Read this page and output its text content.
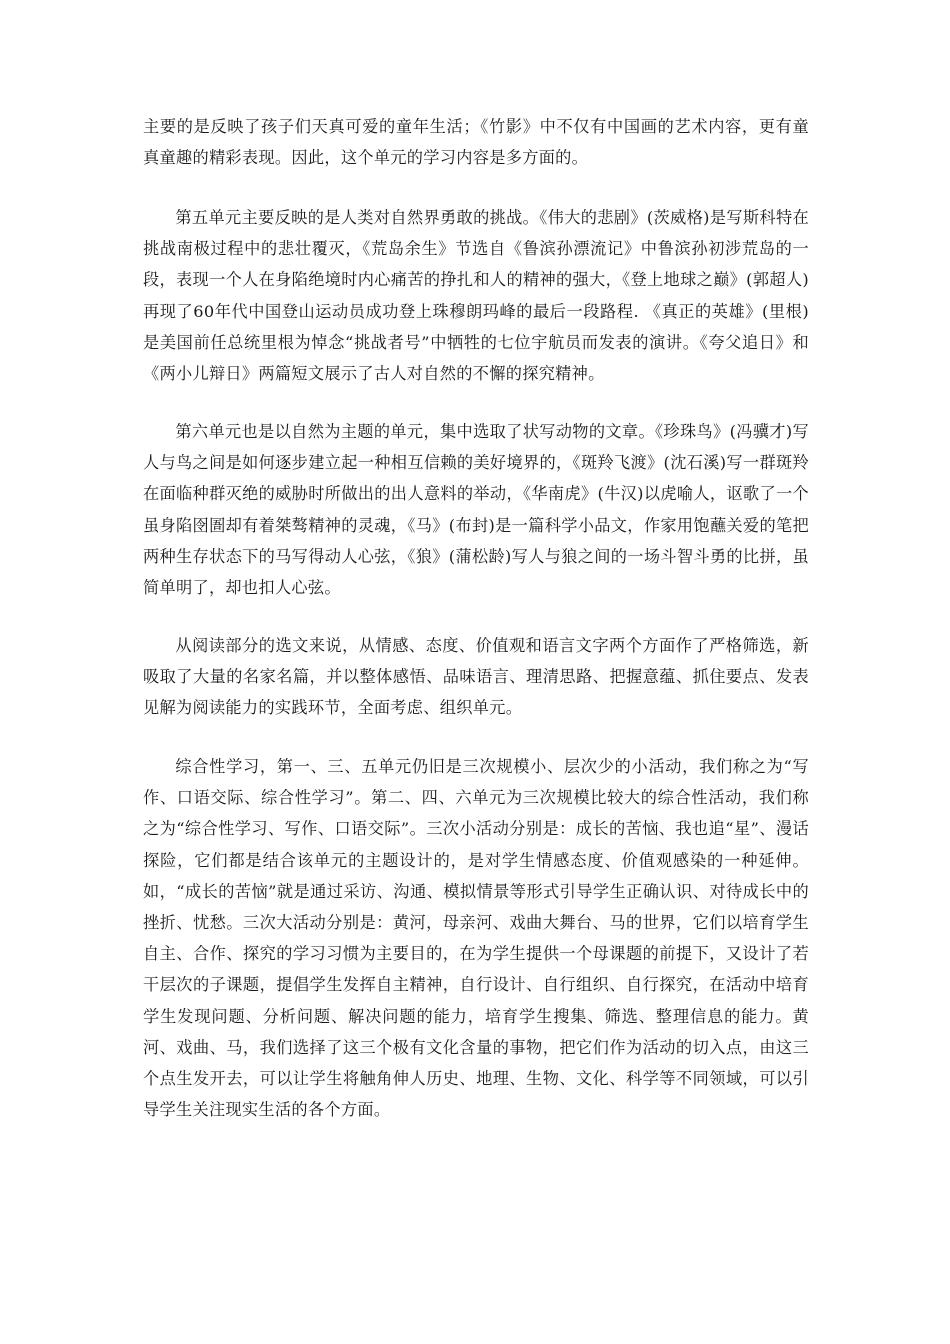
主要的是反映了孩子们天真可爱的童年生活；《竹影》中不仅有中国画的艺术内容，更有童真童趣的精彩表现。因此，这个单元的学习内容是多方面的。

第五单元主要反映的是人类对自然界勇敢的挑战。《伟大的悲剧》(茨威格)是写斯科特在挑战南极过程中的悲壮覆灭，《荒岛余生》节选自《鲁滨孙漂流记》中鲁滨孙初涉荒岛的一段，表现一个人在身陷绝境时内心痛苦的挣扎和人的精神的强大，《登上地球之巅》(郭超人)再现了60年代中国登山运动员成功登上珠穆朗玛峰的最后一段路程. 《真正的英雄》(里根)是美国前任总统里根为悼念“挑战者号”中牺牲的七位宇航员而发表的演讲。《夸父追日》和《两小儿辩日》两篇短文展示了古人对自然的不懈的探究精神。

第六单元也是以自然为主题的单元，集中选取了状写动物的文章。《珍珠鸟》(冯骥才)写人与鸟之间是如何逐步建立起一种相互信赖的美好境界的，《斑羚飞渡》(沈石溪)写一群斑羚在面临种群灭绝的威胁时所做出的出人意料的举动，《华南虎》(牛汉)以虎喻人，讴歌了一个虽身陷囹圄却有着桀骜精神的灵魂，《马》(布封)是一篇科学小品文，作家用饱蘸关爱的笔把两种生存状态下的马写得动人心弦，《狼》(蒲松龄)写人与狼之间的一场斗智斗勇的比拼，虽简单明了，却也扣人心弦。

从阅读部分的选文来说，从情感、态度、价值观和语言文字两个方面作了严格筛选，新吸取了大量的名家名篇，并以整体感悟、品味语言、理清思路、把握意蕴、抓住要点、发表见解为阅读能力的实践环节，全面考虑、组织单元。

综合性学习，第一、三、五单元仍旧是三次规模小、层次少的小活动，我们称之为“写作、口语交际、综合性学习”。第二、四、六单元为三次规模比较大的综合性活动，我们称之为“综合性学习、写作、口语交际”。三次小活动分别是：成长的苦恼、我也追“星”、漫话探险，它们都是结合该单元的主题设计的，是对学生情感态度、价值观感染的一种延伸。如，“成长的苦恼”就是通过采访、沟通、模拟情景等形式引导学生正确认识、对待成长中的挫折、忧愁。三次大活动分别是：黄河，母亲河、戏曲大舞台、马的世界，它们以培育学生自主、合作、探究的学习习惯为主要目的，在为学生提供一个母课题的前提下，又设计了若干层次的子课题，提倡学生发挥自主精神，自行设计、自行组织、自行探究，在活动中培育学生发现问题、分析问题、解决问题的能力，培育学生搜集、筛选、整理信息的能力。黄河、戏曲、马，我们选择了这三个极有文化含量的事物，把它们作为活动的切入点，由这三个点生发开去，可以让学生将触角伸人历史、地理、生物、文化、科学等不同领域，可以引导学生关注现实生活的各个方面。
